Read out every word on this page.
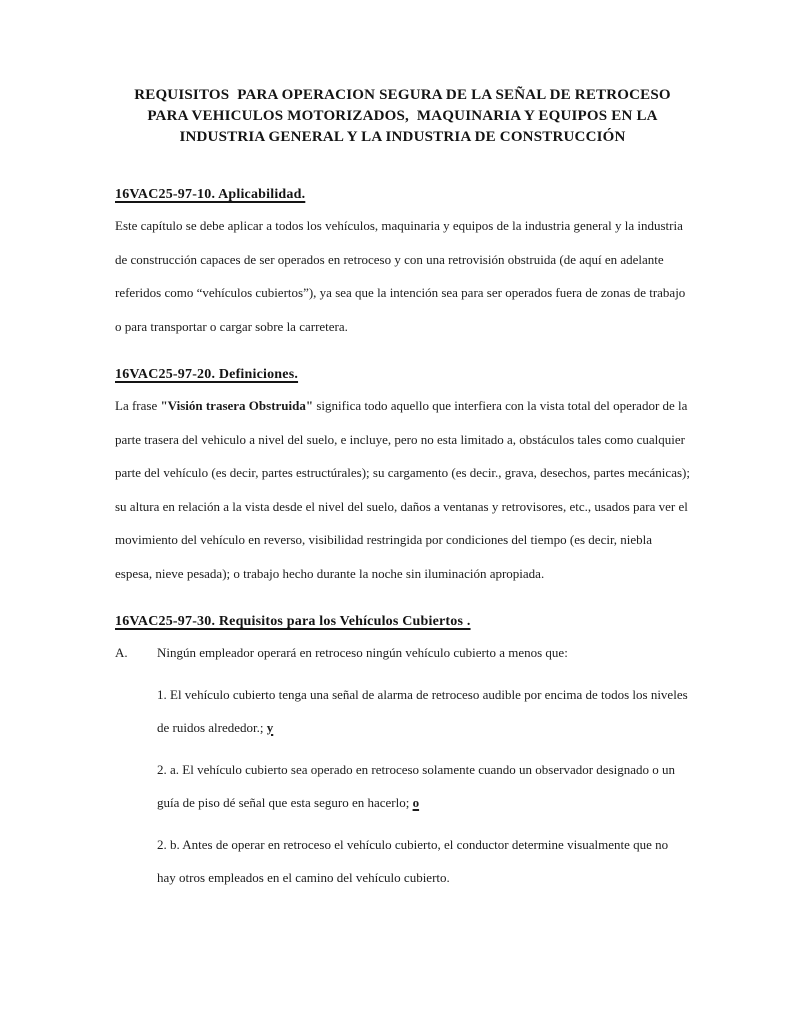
REQUISITOS  PARA OPERACION SEGURA DE LA SEÑAL DE RETROCESO
PARA VEHICULOS MOTORIZADOS,  MAQUINARIA Y EQUIPOS EN LA
INDUSTRIA GENERAL Y LA INDUSTRIA DE CONSTRUCCIÓN
16VAC25-97-10. Aplicabilidad.

Este capítulo se debe aplicar a todos los vehículos, maquinaria y equipos de la industria general y la industria de construcción capaces de ser operados en retroceso y con una retrovisión obstruida (de aquí en adelante referidos como “vehículos cubiertos”), ya sea que la intención sea para ser operados fuera de zonas de trabajo o para transportar o cargar sobre la carretera.

16VAC25-97-20. Definiciones.

La frase "Visión trasera Obstruida" significa todo aquello que interfiera con la vista total del operador de la parte trasera del vehiculo a nivel del suelo, e incluye, pero no esta limitado a, obstáculos tales como cualquier parte del vehículo (es decir, partes estructúrales); su cargamento (es decir., grava, desechos, partes mecánicas); su altura en relación a la vista desde el nivel del suelo, daños a ventanas y retrovisores, etc., usados para ver el movimiento del vehículo en reverso, visibilidad restringida por condiciones del tiempo (es decir, niebla espesa, nieve pesada); o trabajo hecho durante la noche sin iluminación apropiada.

16VAC25-97-30. Requisitos para los Vehículos Cubiertos .
A.	Ningún empleador operará en retroceso ningún vehículo cubierto a menos que:
1. El vehículo cubierto tenga una señal de alarma de retroceso audible por encima de todos los niveles de ruidos alrededor.; y
2. a. El vehículo cubierto sea operado en retroceso solamente cuando un observador designado o un guía de piso dé señal que esta seguro en hacerlo; o
2. b. Antes de operar en retroceso el vehículo cubierto, el conductor determine visualmente que no hay otros empleados en el camino del vehículo cubierto.
